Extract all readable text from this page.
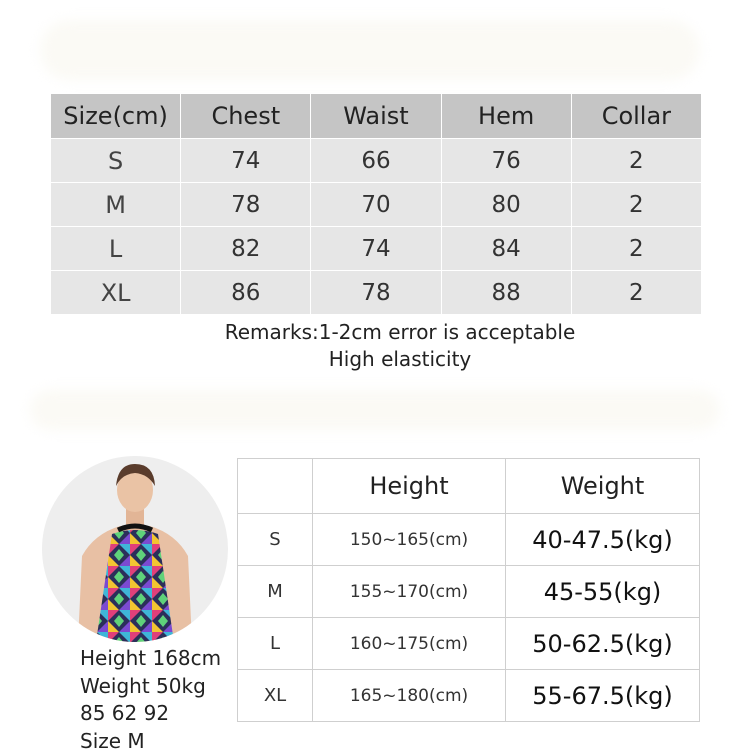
Size(cm)	Chest	Waist	Hem	Collar
S	74	66	76	2
M	78	70	80	2
L	82	74	84	2
XL	86	78	88	2
Remarks:1-2cm error is acceptable
High elasticity
Height 168cm
Weight 50kg
85 62 92
Size M
	Height	Weight
S	150~165(cm)	40-47.5(kg)
M	155~170(cm)	45-55(kg)
L	160~175(cm)	50-62.5(kg)
XL	165~180(cm)	55-67.5(kg)
